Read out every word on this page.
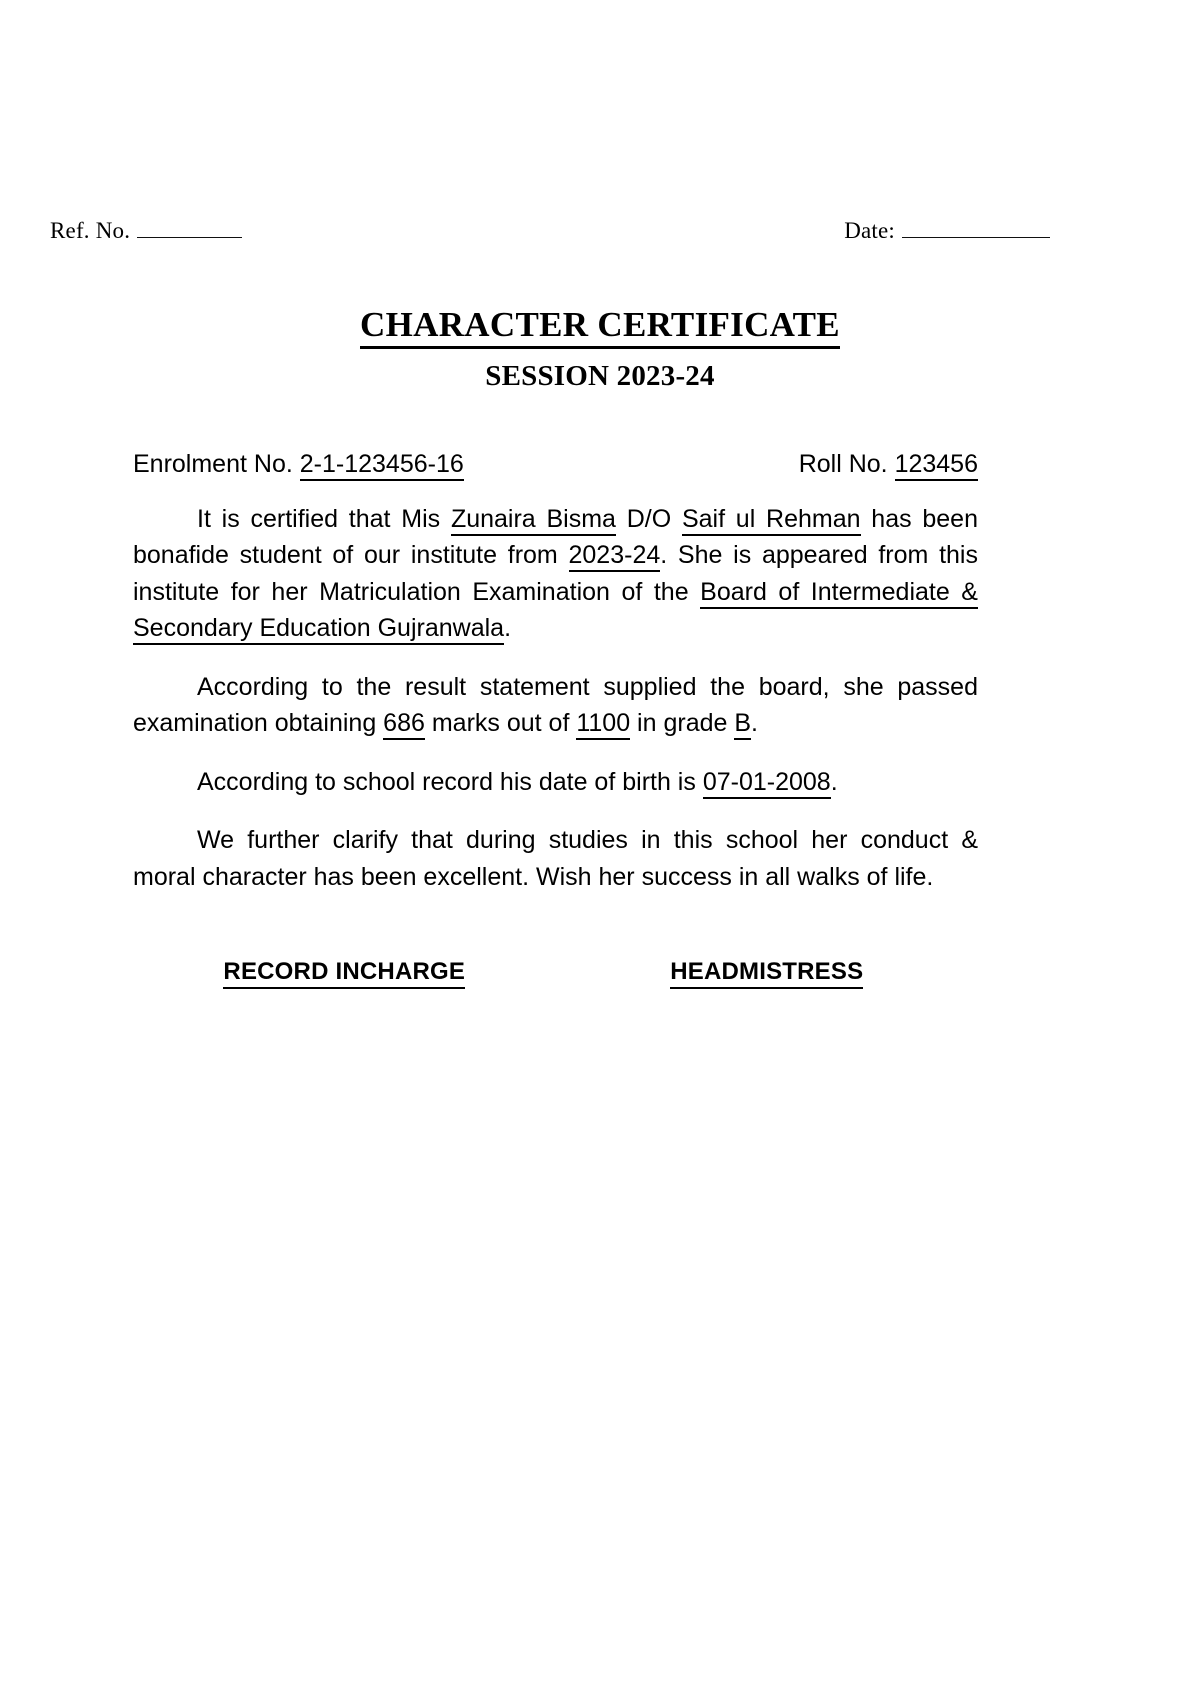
Ref. No.	Date:
CHARACTER CERTIFICATE
SESSION 2023-24
Enrolment No. 2-1-123456-16	Roll No. 123456

It is certified that Mis Zunaira Bisma D/O Saif ul Rehman has been bonafide student of our institute from 2023-24. She is appeared from this institute for her Matriculation Examination of the Board of Intermediate & Secondary Education Gujranwala.

According to the result statement supplied the board, she passed examination obtaining 686 marks out of 1100 in grade B.

According to school record his date of birth is 07-01-2008.

We further clarify that during studies in this school her conduct & moral character has been excellent. Wish her success in all walks of life.

RECORD INCHARGE	HEADMISTRESS
